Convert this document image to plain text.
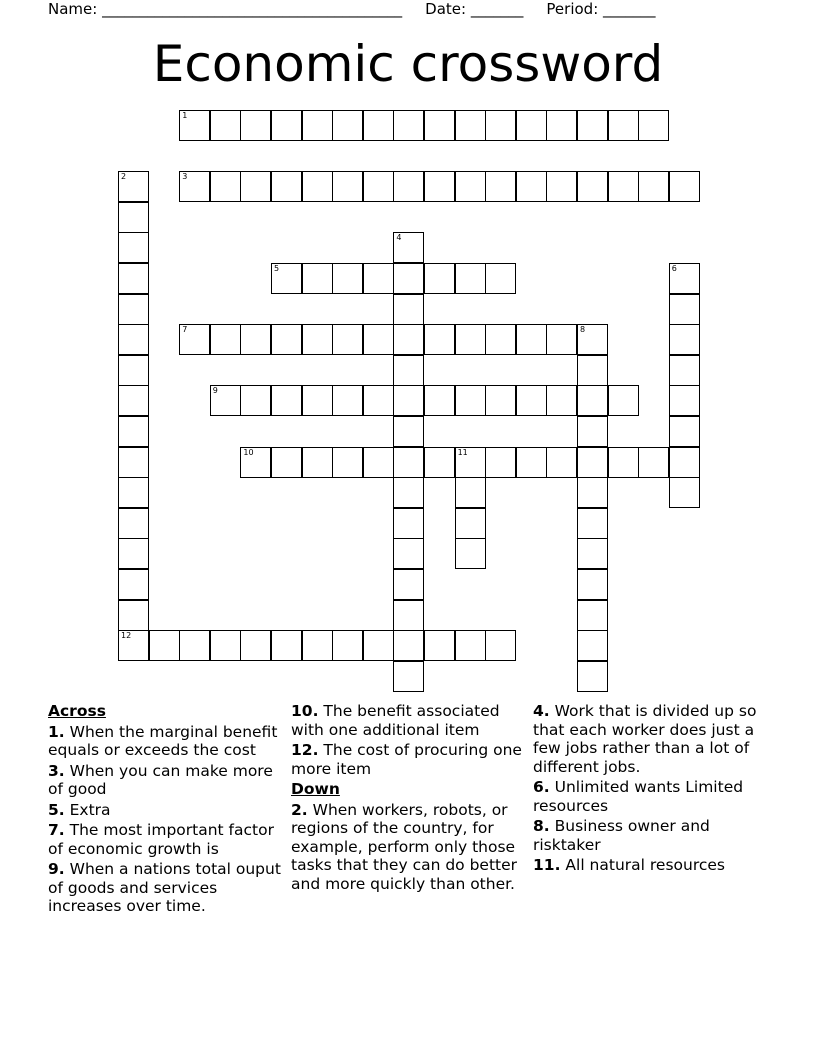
Name: ________________________________________ Date: _______ Period: _______
Economic crossword
1
2	3
4
5	6
7	8
9
10	11
12
Across
1. When the marginal benefit equals or exceeds the cost
3. When you can make more of good
5. Extra
7. The most important factor of economic growth is
9. When a nations total ouput of goods and services increases over time.
10. The benefit associated with one additional item
12. The cost of procuring one more item
Down
2. When workers, robots, or regions of the country, for example, perform only those tasks that they can do better and more quickly than other.
4. Work that is divided up so that each worker does just a few jobs rather than a lot of different jobs.
6. Unlimited wants Limited resources
8. Business owner and risktaker
11. All natural resources
